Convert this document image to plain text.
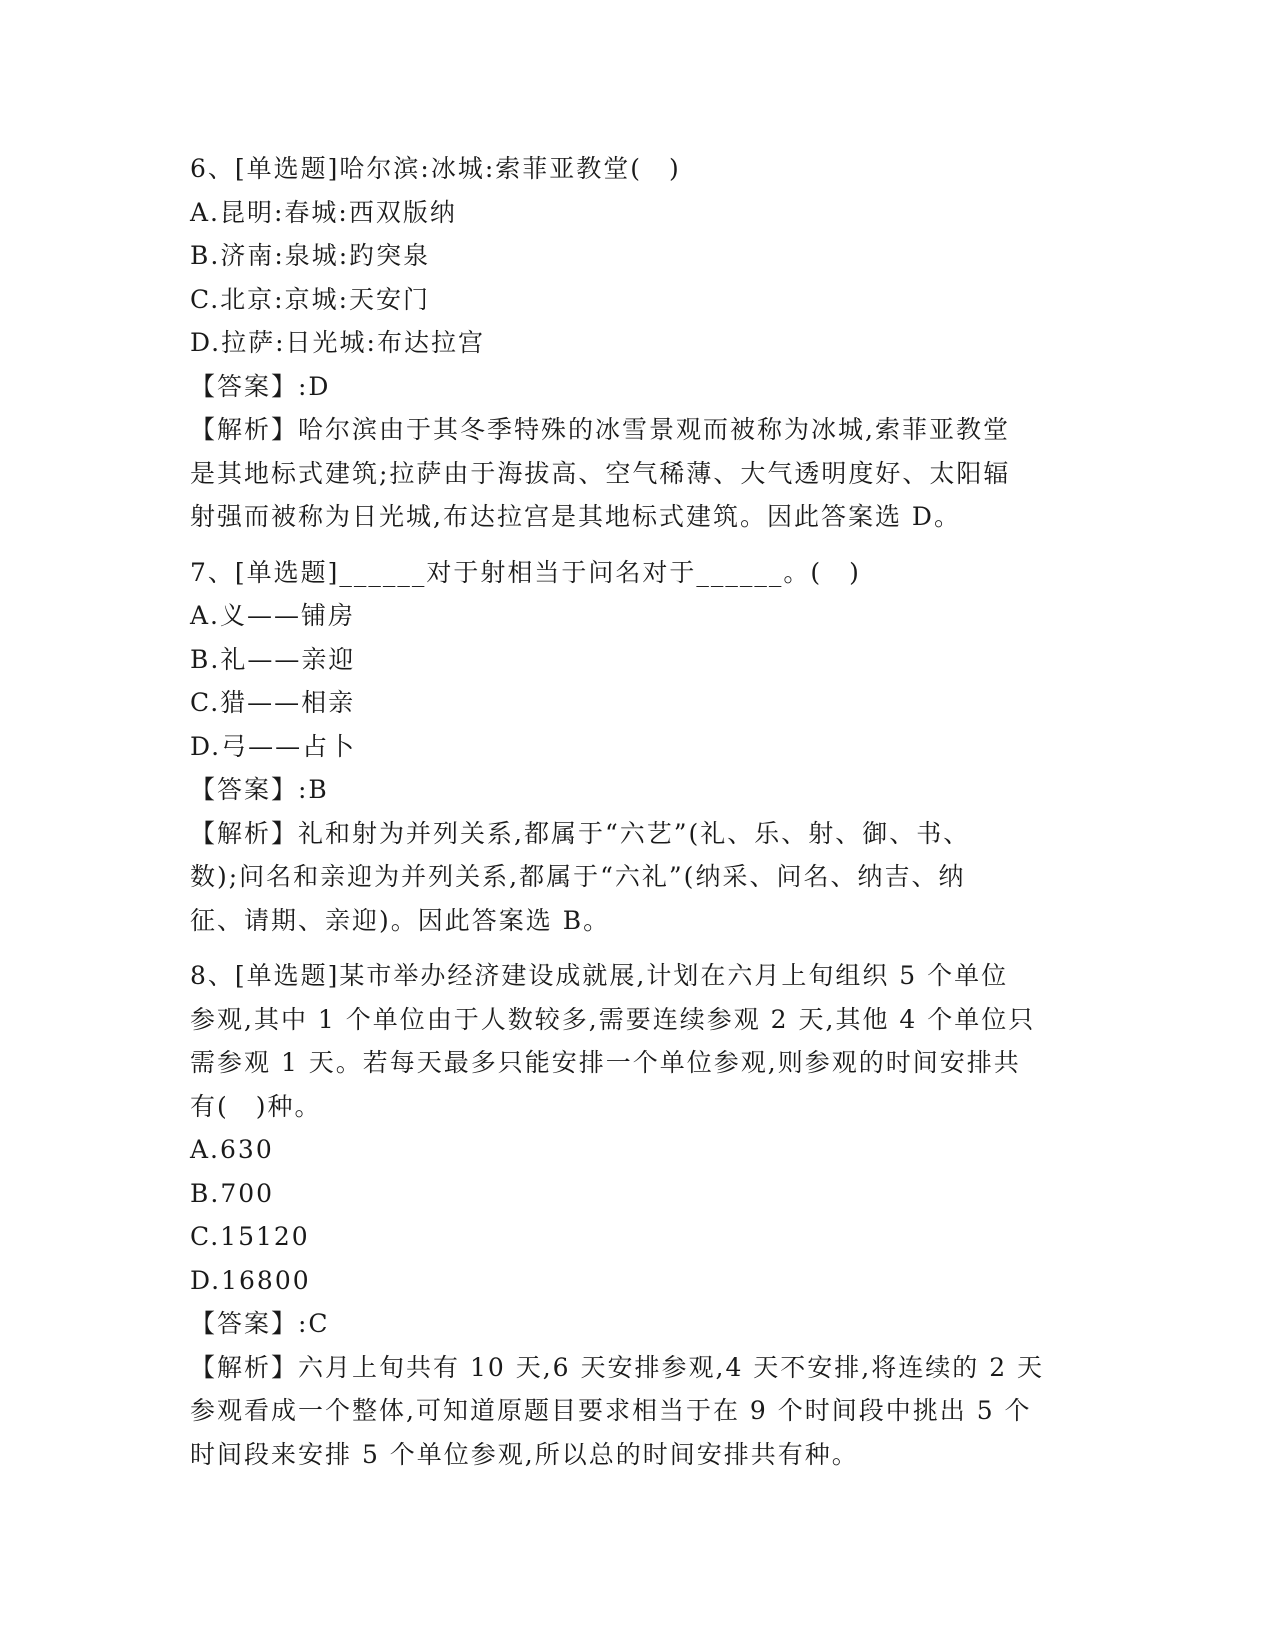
6、[单选题]哈尔滨:冰城:索菲亚教堂(　)
A.昆明:春城:西双版纳
B.济南:泉城:趵突泉
C.北京:京城:天安门
D.拉萨:日光城:布达拉宫
【答案】:D
【解析】哈尔滨由于其冬季特殊的冰雪景观而被称为冰城,索菲亚教堂
是其地标式建筑;拉萨由于海拔高、空气稀薄、大气透明度好、太阳辐
射强而被称为日光城,布达拉宫是其地标式建筑。因此答案选 D。
7、[单选题]______对于射相当于问名对于______。(　)
A.义——铺房
B.礼——亲迎
C.猎——相亲
D.弓——占卜
【答案】:B
【解析】礼和射为并列关系,都属于“六艺”(礼、乐、射、御、书、
数);问名和亲迎为并列关系,都属于“六礼”(纳采、问名、纳吉、纳
征、请期、亲迎)。因此答案选 B。
8、[单选题]某市举办经济建设成就展,计划在六月上旬组织 5 个单位
参观,其中 1 个单位由于人数较多,需要连续参观 2 天,其他 4 个单位只
需参观 1 天。若每天最多只能安排一个单位参观,则参观的时间安排共
有(　)种。
A.630
B.700
C.15120
D.16800
【答案】:C
【解析】六月上旬共有 10 天,6 天安排参观,4 天不安排,将连续的 2 天
参观看成一个整体,可知道原题目要求相当于在 9 个时间段中挑出 5 个
时间段来安排 5 个单位参观,所以总的时间安排共有种。
